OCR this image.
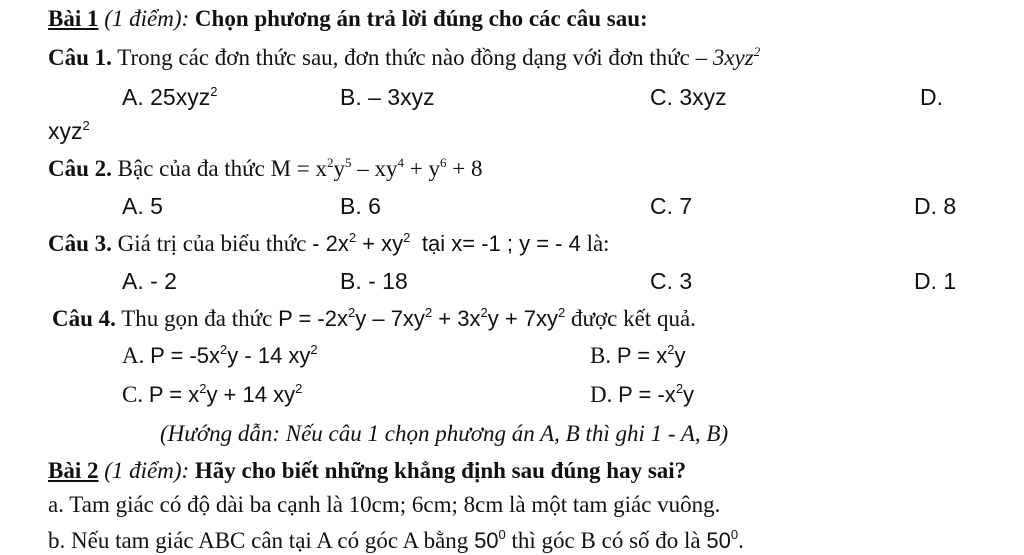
Bài 1 (1 điểm): Chọn phương án trả lời đúng cho các câu sau:
Câu 1. Trong các đơn thức sau, đơn thức nào đồng dạng với đơn thức – 3xyz$^2$
A. 25xyz$^2$	B. – 3xyz	C. 3xyz	D.
xyz$^2$
Câu 2. Bậc của đa thức $M = x^2y^5 - xy^4 + y^6 + 8$
A. 5	B. 6	C. 7	D. 8
Câu 3. Giá trị của biểu thức - $2x^2 + xy^2$ tại x= -1 ; y = - 4 là:
A. - 2	B. - 18	C. 3	D. 1
Câu 4. Thu gọn đa thức $P = -2x^2y - 7xy^2 + 3x^2y + 7xy^2$ được kết quả.
A. $P = -5x^2y - 14$ $xy^2$	B. $P = x^2y$
C. $P = x^2y + 14$ $xy^2$	D. $P = -x^2y$
(Hướng dẫn: Nếu câu 1 chọn phương án A, B thì ghi 1 - A, B)
Bài 2 (1 điểm): Hãy cho biết những khẳng định sau đúng hay sai?
a. Tam giác có độ dài ba cạnh là 10cm; 6cm; 8cm là một tam giác vuông.
b. Nếu tam giác ABC cân tại A có góc A bằng $50^0$ thì góc B có số đo là $50^0$.
